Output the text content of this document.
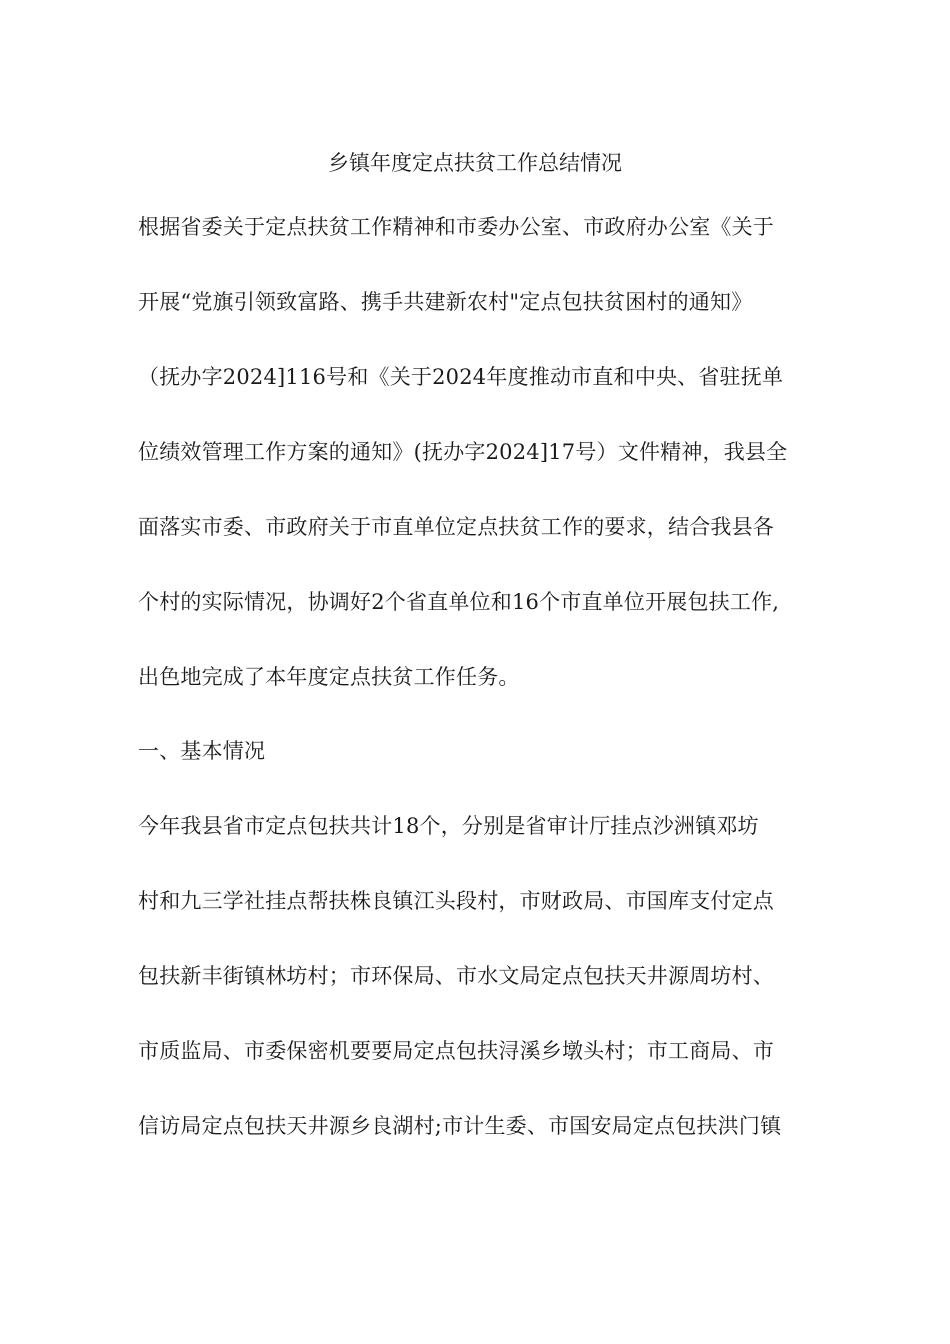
乡镇年度定点扶贫工作总结情况
根据省委关于定点扶贫工作精神和市委办公室、市政府办公室《关于
开展“党旗引领致富路、携手共建新农村"定点包扶贫困村的通知》
（抚办字2024]116号和《关于2024年度推动市直和中央、省驻抚单
位绩效管理工作方案的通知》(抚办字2024]17号）文件精神，我县全
面落实市委、市政府关于市直单位定点扶贫工作的要求，结合我县各
个村的实际情况，协调好2个省直单位和16个市直单位开展包扶工作,
出色地完成了本年度定点扶贫工作任务。
一、基本情况
今年我县省市定点包扶共计18个，分别是省审计厅挂点沙洲镇邓坊
村和九三学社挂点帮扶株良镇江头段村，市财政局、市国库支付定点
包扶新丰街镇林坊村；市环保局、市水文局定点包扶天井源周坊村、
市质监局、市委保密机要要局定点包扶浔溪乡墩头村；市工商局、市
信访局定点包扶天井源乡良湖村;市计生委、市国安局定点包扶洪门镇
